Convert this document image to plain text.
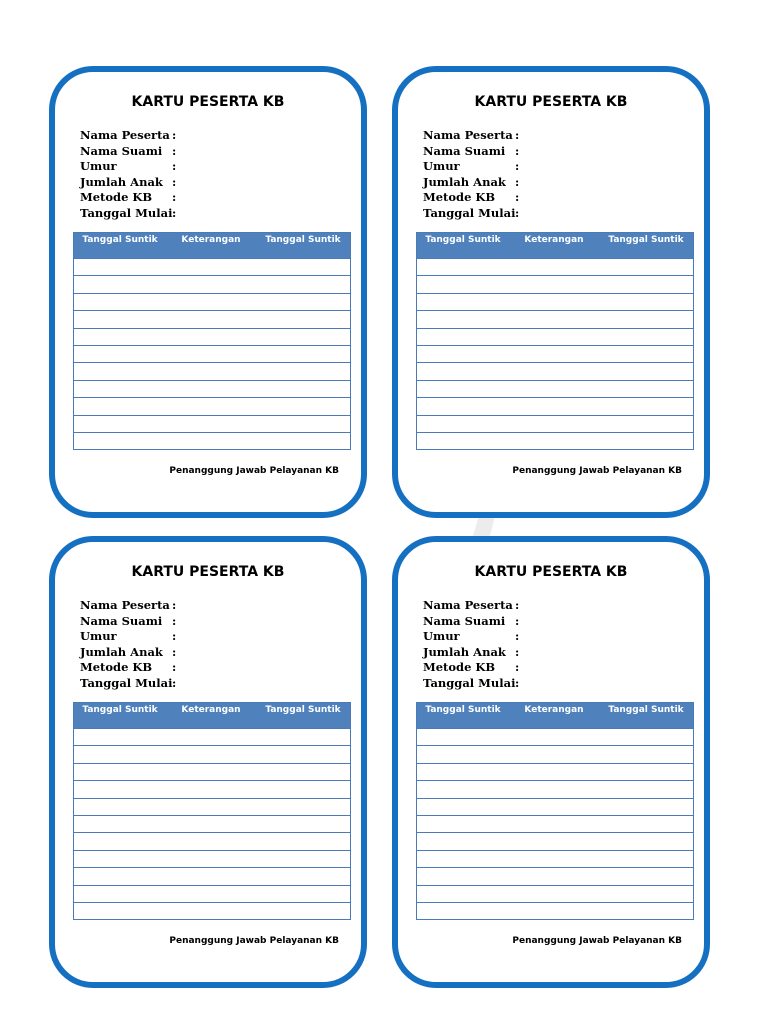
KARTU PESERTA KB
Nama Peserta :
Nama Suami :
Umur	:
Jumlah Anak :
Metode KB :
Tanggal Mulai:
Tanggal Suntik	Keterangan	Tanggal Suntik
Penanggung Jawab Pelayanan KB
KARTU PESERTA KB
Nama Peserta :
Nama Suami :
Umur	:
Jumlah Anak :
Metode KB :
Tanggal Mulai:
Tanggal Suntik	Keterangan	Tanggal Suntik
Penanggung Jawab Pelayanan KB
KARTU PESERTA KB
Nama Peserta :
Nama Suami :
Umur	:
Jumlah Anak :
Metode KB :
Tanggal Mulai:
Tanggal Suntik	Keterangan	Tanggal Suntik
Penanggung Jawab Pelayanan KB
KARTU PESERTA KB
Nama Peserta :
Nama Suami :
Umur	:
Jumlah Anak :
Metode KB :
Tanggal Mulai:
Tanggal Suntik	Keterangan	Tanggal Suntik
Penanggung Jawab Pelayanan KB
